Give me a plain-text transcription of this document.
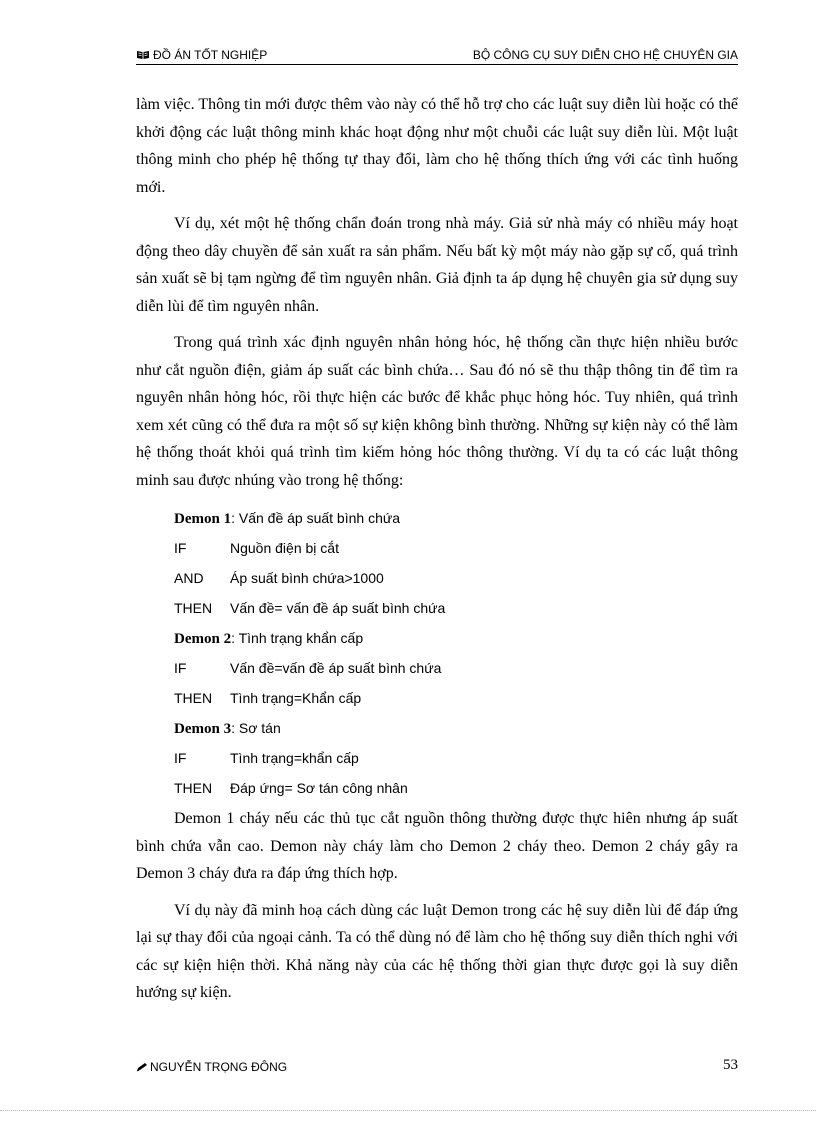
ĐỒ ÁN TỐT NGHIỆP	BỘ CÔNG CỤ SUY DIỄN CHO HỆ CHUYÊN GIA

làm việc. Thông tin mới được thêm vào này có thể hỗ trợ cho các luật suy diễn lùi hoặc có thể khởi động các luật thông minh khác hoạt động như một chuỗi các luật suy diễn lùi. Một luật thông minh cho phép hệ thống tự thay đổi, làm cho hệ thống thích ứng với các tình huống mới.

Ví dụ, xét một hệ thống chẩn đoán trong nhà máy. Giả sử nhà máy có nhiều máy hoạt động theo dây chuyền để sản xuất ra sản phẩm. Nếu bất kỳ một máy nào gặp sự cố, quá trình sản xuất sẽ bị tạm ngừng để tìm nguyên nhân. Giả định ta áp dụng hệ chuyên gia sử dụng suy diễn lùi để tìm nguyên nhân.

Trong quá trình xác định nguyên nhân hỏng hóc, hệ thống cần thực hiện nhiều bước như cắt nguồn điện, giảm áp suất các bình chứa… Sau đó nó sẽ thu thập thông tin để tìm ra nguyên nhân hỏng hóc, rồi thực hiện các bước để khắc phục hỏng hóc. Tuy nhiên, quá trình xem xét cũng có thể đưa ra một số sự kiện không bình thường. Những sự kiện này có thể làm hệ thống thoát khỏi quá trình tìm kiếm hỏng hóc thông thường. Ví dụ ta có các luật thông minh sau được nhúng vào trong hệ thống:

Demon 1: Vấn đề áp suất bình chứa
IF	Nguồn điện bị cắt
AND	Áp suất bình chứa>1000
THEN	Vấn đề= vấn đề áp suất bình chứa
Demon 2: Tình trạng khẩn cấp
IF	Vấn đề=vấn đề áp suất bình chứa
THEN	Tình trạng=Khẩn cấp
Demon 3: Sơ tán
IF	Tình trạng=khẩn cấp
THEN	Đáp ứng= Sơ tán công nhân

Demon 1 cháy nếu các thủ tục cắt nguồn thông thường được thực hiên nhưng áp suất bình chứa vẫn cao. Demon này cháy làm cho Demon 2 cháy theo. Demon 2 cháy gây ra Demon 3 cháy đưa ra đáp ứng thích hợp.

Ví dụ này đã minh hoạ cách dùng các luật Demon trong các hệ suy diễn lùi để đáp ứng lại sự thay đổi của ngoại cảnh. Ta có thể dùng nó để làm cho hệ thống suy diễn thích nghi với các sự kiện hiện thời. Khả năng này của các hệ thống thời gian thực được gọi là suy diễn hướng sự kiện.

NGUYỄN TRỌNG ĐÔNG	53
